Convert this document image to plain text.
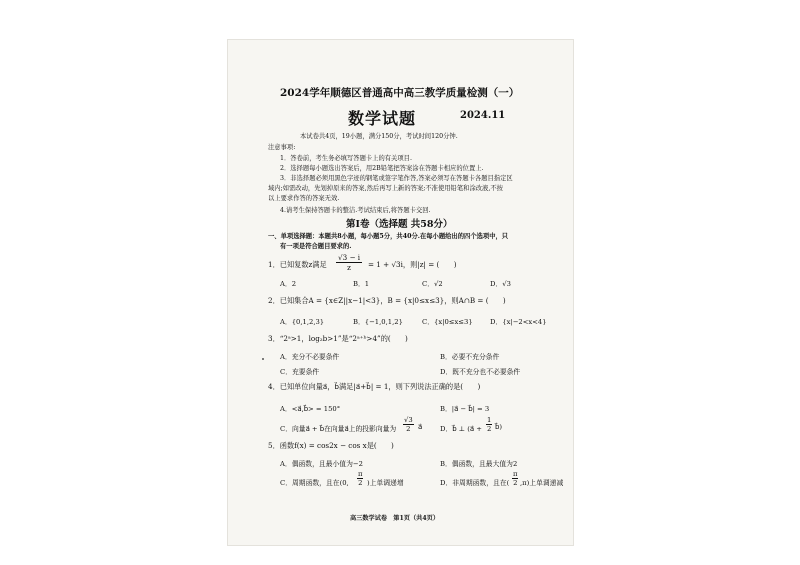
2024学年顺德区普通高中高三教学质量检测（一）
数学试题	2024.11
本试卷共4页，19小题，满分150分，考试时间120分钟.
注意事项:
1．答卷前，考生务必填写答题卡上的有关项目.
2．选择题每小题选出答案后，用2B铅笔把答案涂在答题卡相应的位置上.
3．非选择题必须用黑色字迹的钢笔或签字笔作答,答案必须写在答题卡各题目指定区
域内;如需改动，先划掉原来的答案,然后再写上新的答案;不准使用铅笔和涂改液,不按
以上要求作答的答案无效.
4.请考生保持答题卡的整洁.考试结束后,将答题卡交回.
第Ⅰ卷（选择题 共58分）
一、单项选择题：本题共8小题，每小题5分，共40分.在每小题给出的四个选项中，只
有一项是符合题目要求的.
1．已知复数z满足 $\frac{√3 - i}{z} = 1 + √3i$，则|z| = (　　)
A．2	B．1	C．√2	D．√3
2．已知集合A = {x∈Z||x−1|<3}，B = {x|0≤x≤3}，则A∩B = (　　)
A．{0,1,2,3}	B．{−1,0,1,2}	C．{x|0≤x≤3}	D．{x|−2<x<4}
3．“2ᵃ>1，log₂b>1”是“2ᵃ⁺ᵇ>4”的(　　)
A．充分不必要条件	B．必要不充分条件
C．充要条件	D．既不充分也不必要条件
4．已知单位向量a⃗，b⃗满足|a⃗+b⃗| = 1，则下列说法正确的是(　　)
A．<a⃗,b⃗> = 150°	B．|a⃗ − b⃗| = 3
C．向量a⃗ + b⃗在向量a⃗上的投影向量为 $\frac{√3}{2}$ a⃗	D．b⃗ ⊥ (a⃗ + $\frac{1}{2}$ b⃗)
5．函数f(x) = cos2x − cos x是(　　)
A．偶函数，且最小值为−2	B．偶函数，且最大值为2
C．周期函数，且在(0, $\frac{\pi}{2}$ )上单调递增	D．非周期函数，且在( $\frac{\pi}{2} ,\pi$)上单调递减
高三数学试卷　第1页（共4页）
